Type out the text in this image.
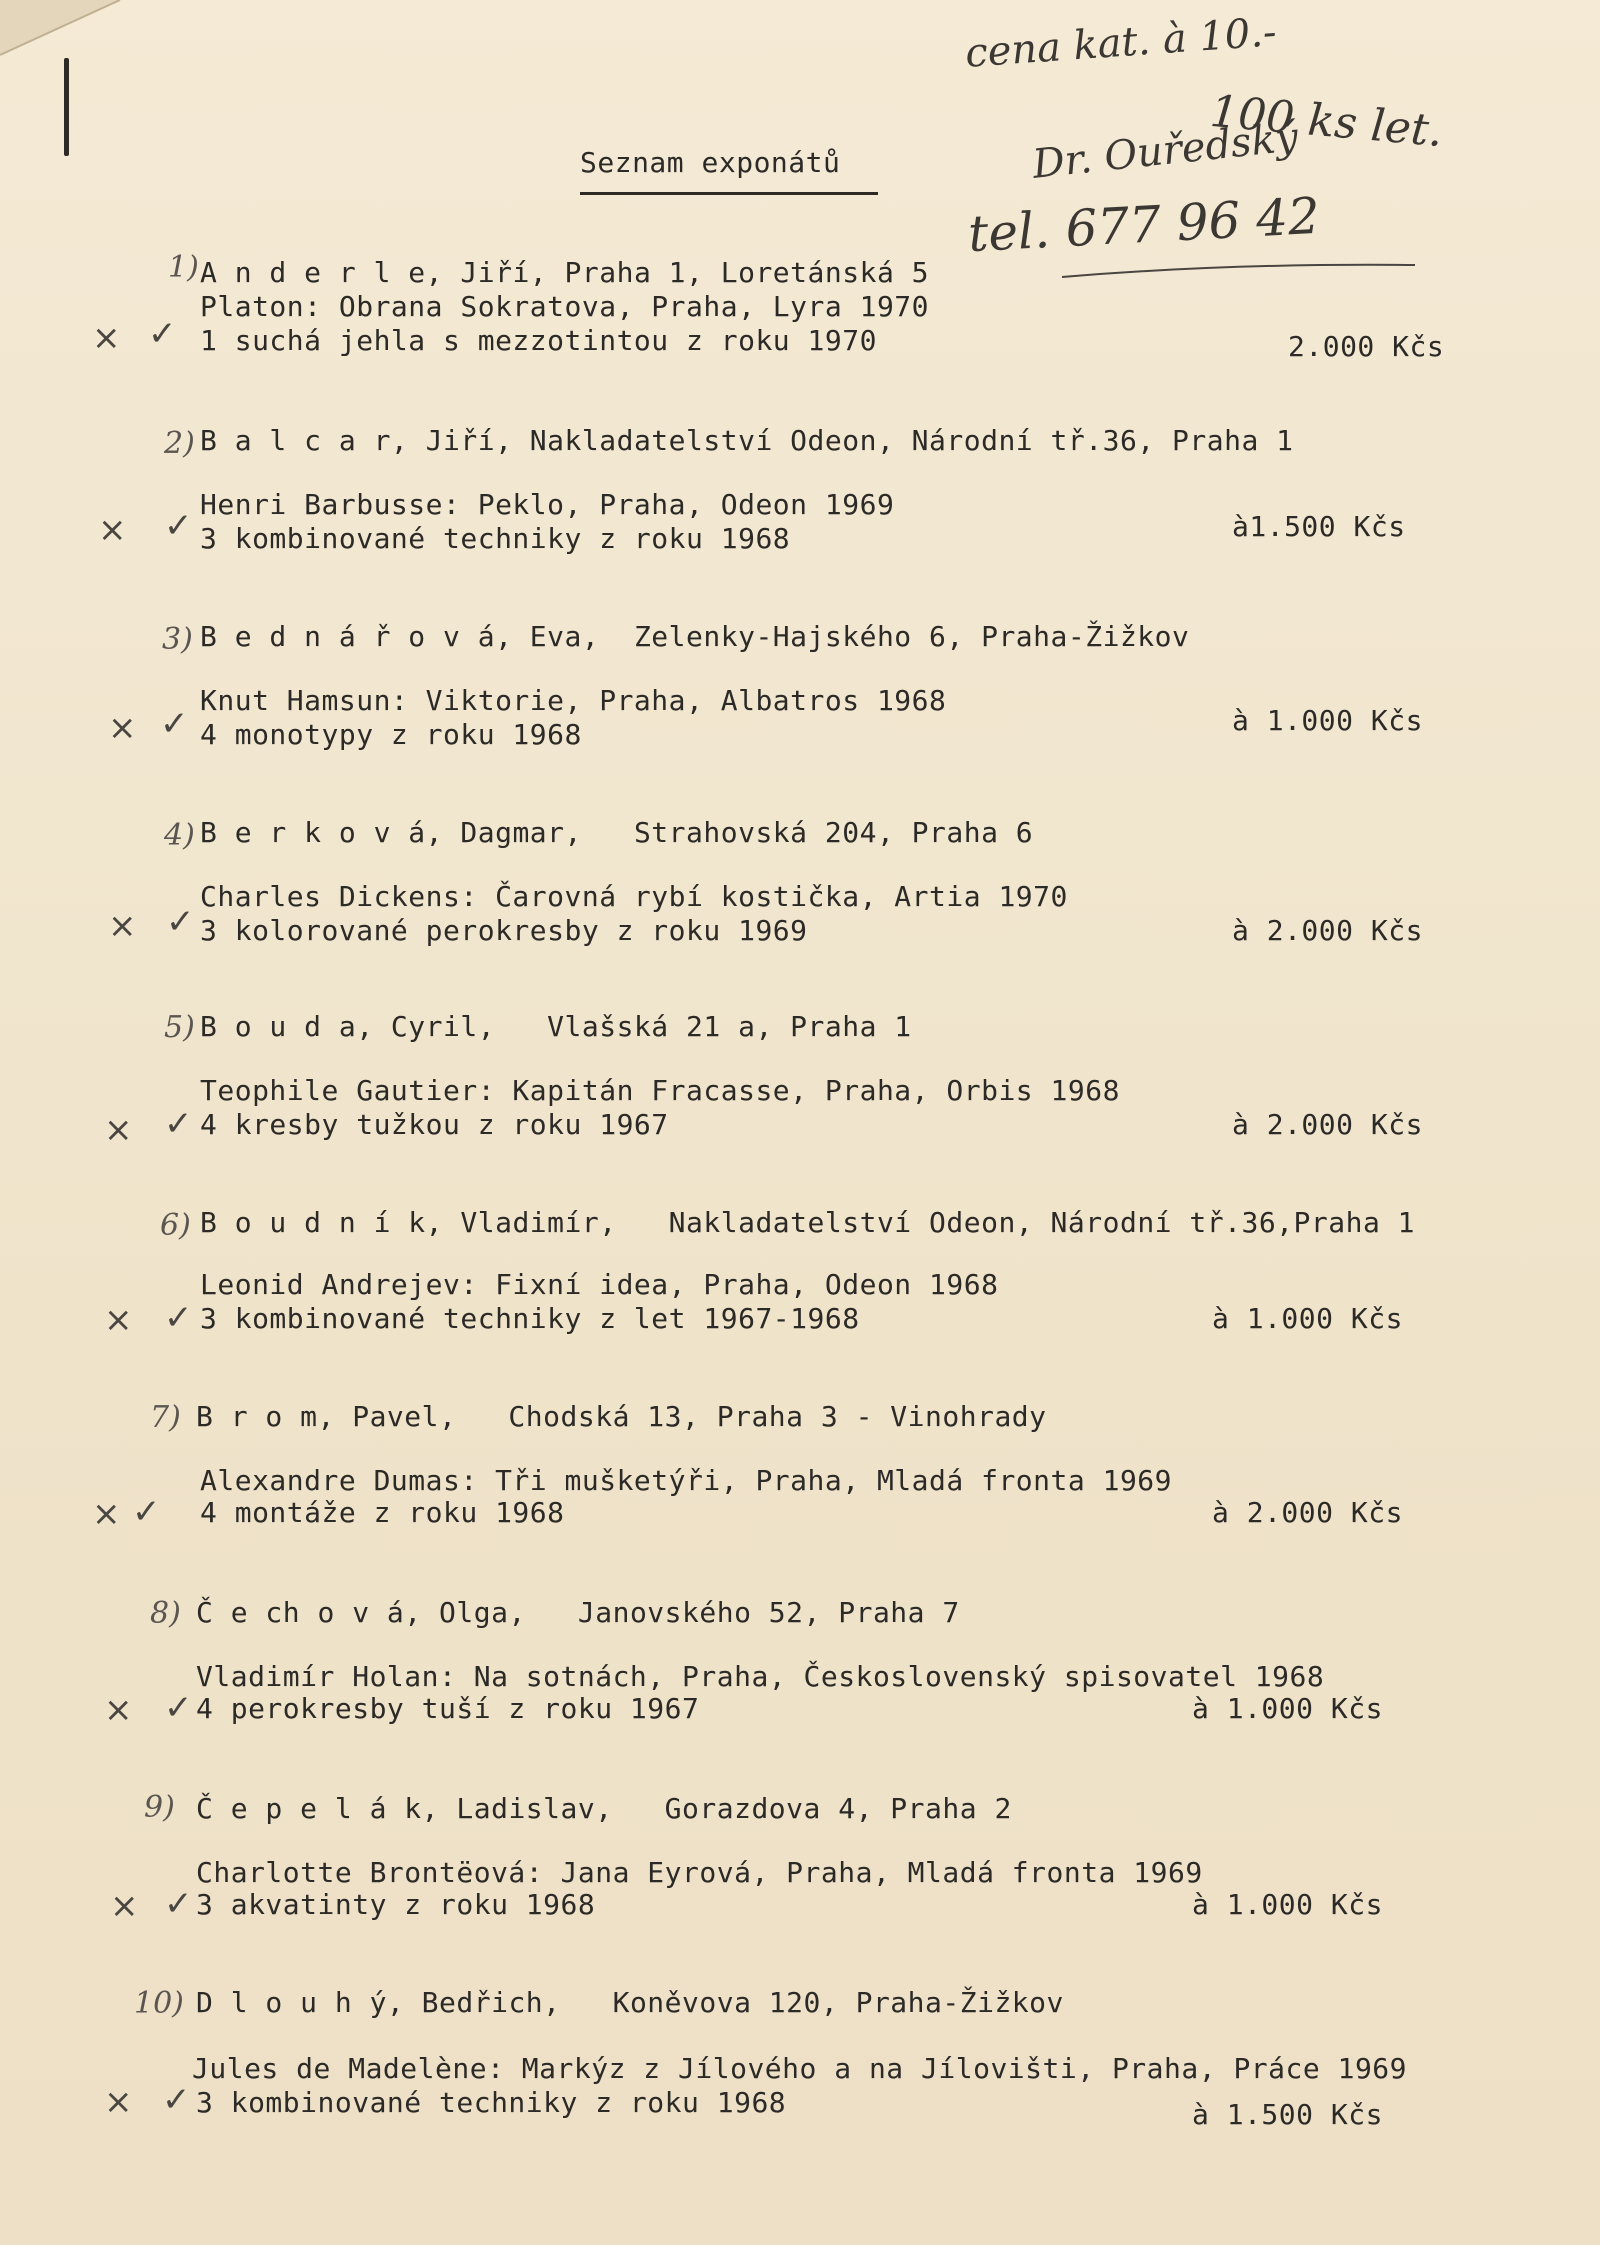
cena kat. à 10.-
100 ks let.
Dr. Ouředský
tel. 677 96 42
Seznam exponátů
1) A n d e r l e, Jiří, Praha 1, Loretánská 5
Platon: Obrana Sokratova, Praha, Lyra 1970
× ✓ 1 suchá jehla s mezzotintou z roku 1970	2.000 Kčs
2) B a l c a r, Jiří, Nakladatelství Odeon, Národní tř.36, Praha 1
Henri Barbusse: Peklo, Praha, Odeon 1969
× ✓ 3 kombinované techniky z roku 1968	à1.500 Kčs
3) B e d n á ř o v á, Eva,  Zelenky-Hajského 6, Praha-Žižkov
Knut Hamsun: Viktorie, Praha, Albatros 1968
× ✓ 4 monotypy z roku 1968	à 1.000 Kčs
4) B e r k o v á, Dagmar,   Strahovská 204, Praha 6
Charles Dickens: Čarovná rybí kostička, Artia 1970
× ✓ 3 kolorované perokresby z roku 1969	à 2.000 Kčs
5) B o u d a, Cyril,   Vlašská 21 a, Praha 1
Teophile Gautier: Kapitán Fracasse, Praha, Orbis 1968
× ✓ 4 kresby tužkou z roku 1967	à 2.000 Kčs
6) B o u d n í k, Vladimír,   Nakladatelství Odeon, Národní tř.36,Praha 1
Leonid Andrejev: Fixní idea, Praha, Odeon 1968
× ✓ 3 kombinované techniky z let 1967-1968	à 1.000 Kčs
7) B r o m, Pavel,   Chodská 13, Praha 3 - Vinohrady
Alexandre Dumas: Tři mušketýři, Praha, Mladá fronta 1969
× ✓ 4 montáže z roku 1968	à 2.000 Kčs
8) Č e ch o v á, Olga,   Janovského 52, Praha 7
Vladimír Holan: Na sotnách, Praha, Československý spisovatel 1968
× ✓ 4 perokresby tuší z roku 1967	à 1.000 Kčs
9) Č e p e l á k, Ladislav,   Gorazdova 4, Praha 2
Charlotte Brontëová: Jana Eyrová, Praha, Mladá fronta 1969
× ✓ 3 akvatinty z roku 1968	à 1.000 Kčs
10) D l o u h ý, Bedřich,   Koněvova 120, Praha-Žižkov
Jules de Madelène: Markýz z Jílového a na Jílovišti, Praha, Práce 1969
× ✓ 3 kombinované techniky z roku 1968	à 1.500 Kčs
